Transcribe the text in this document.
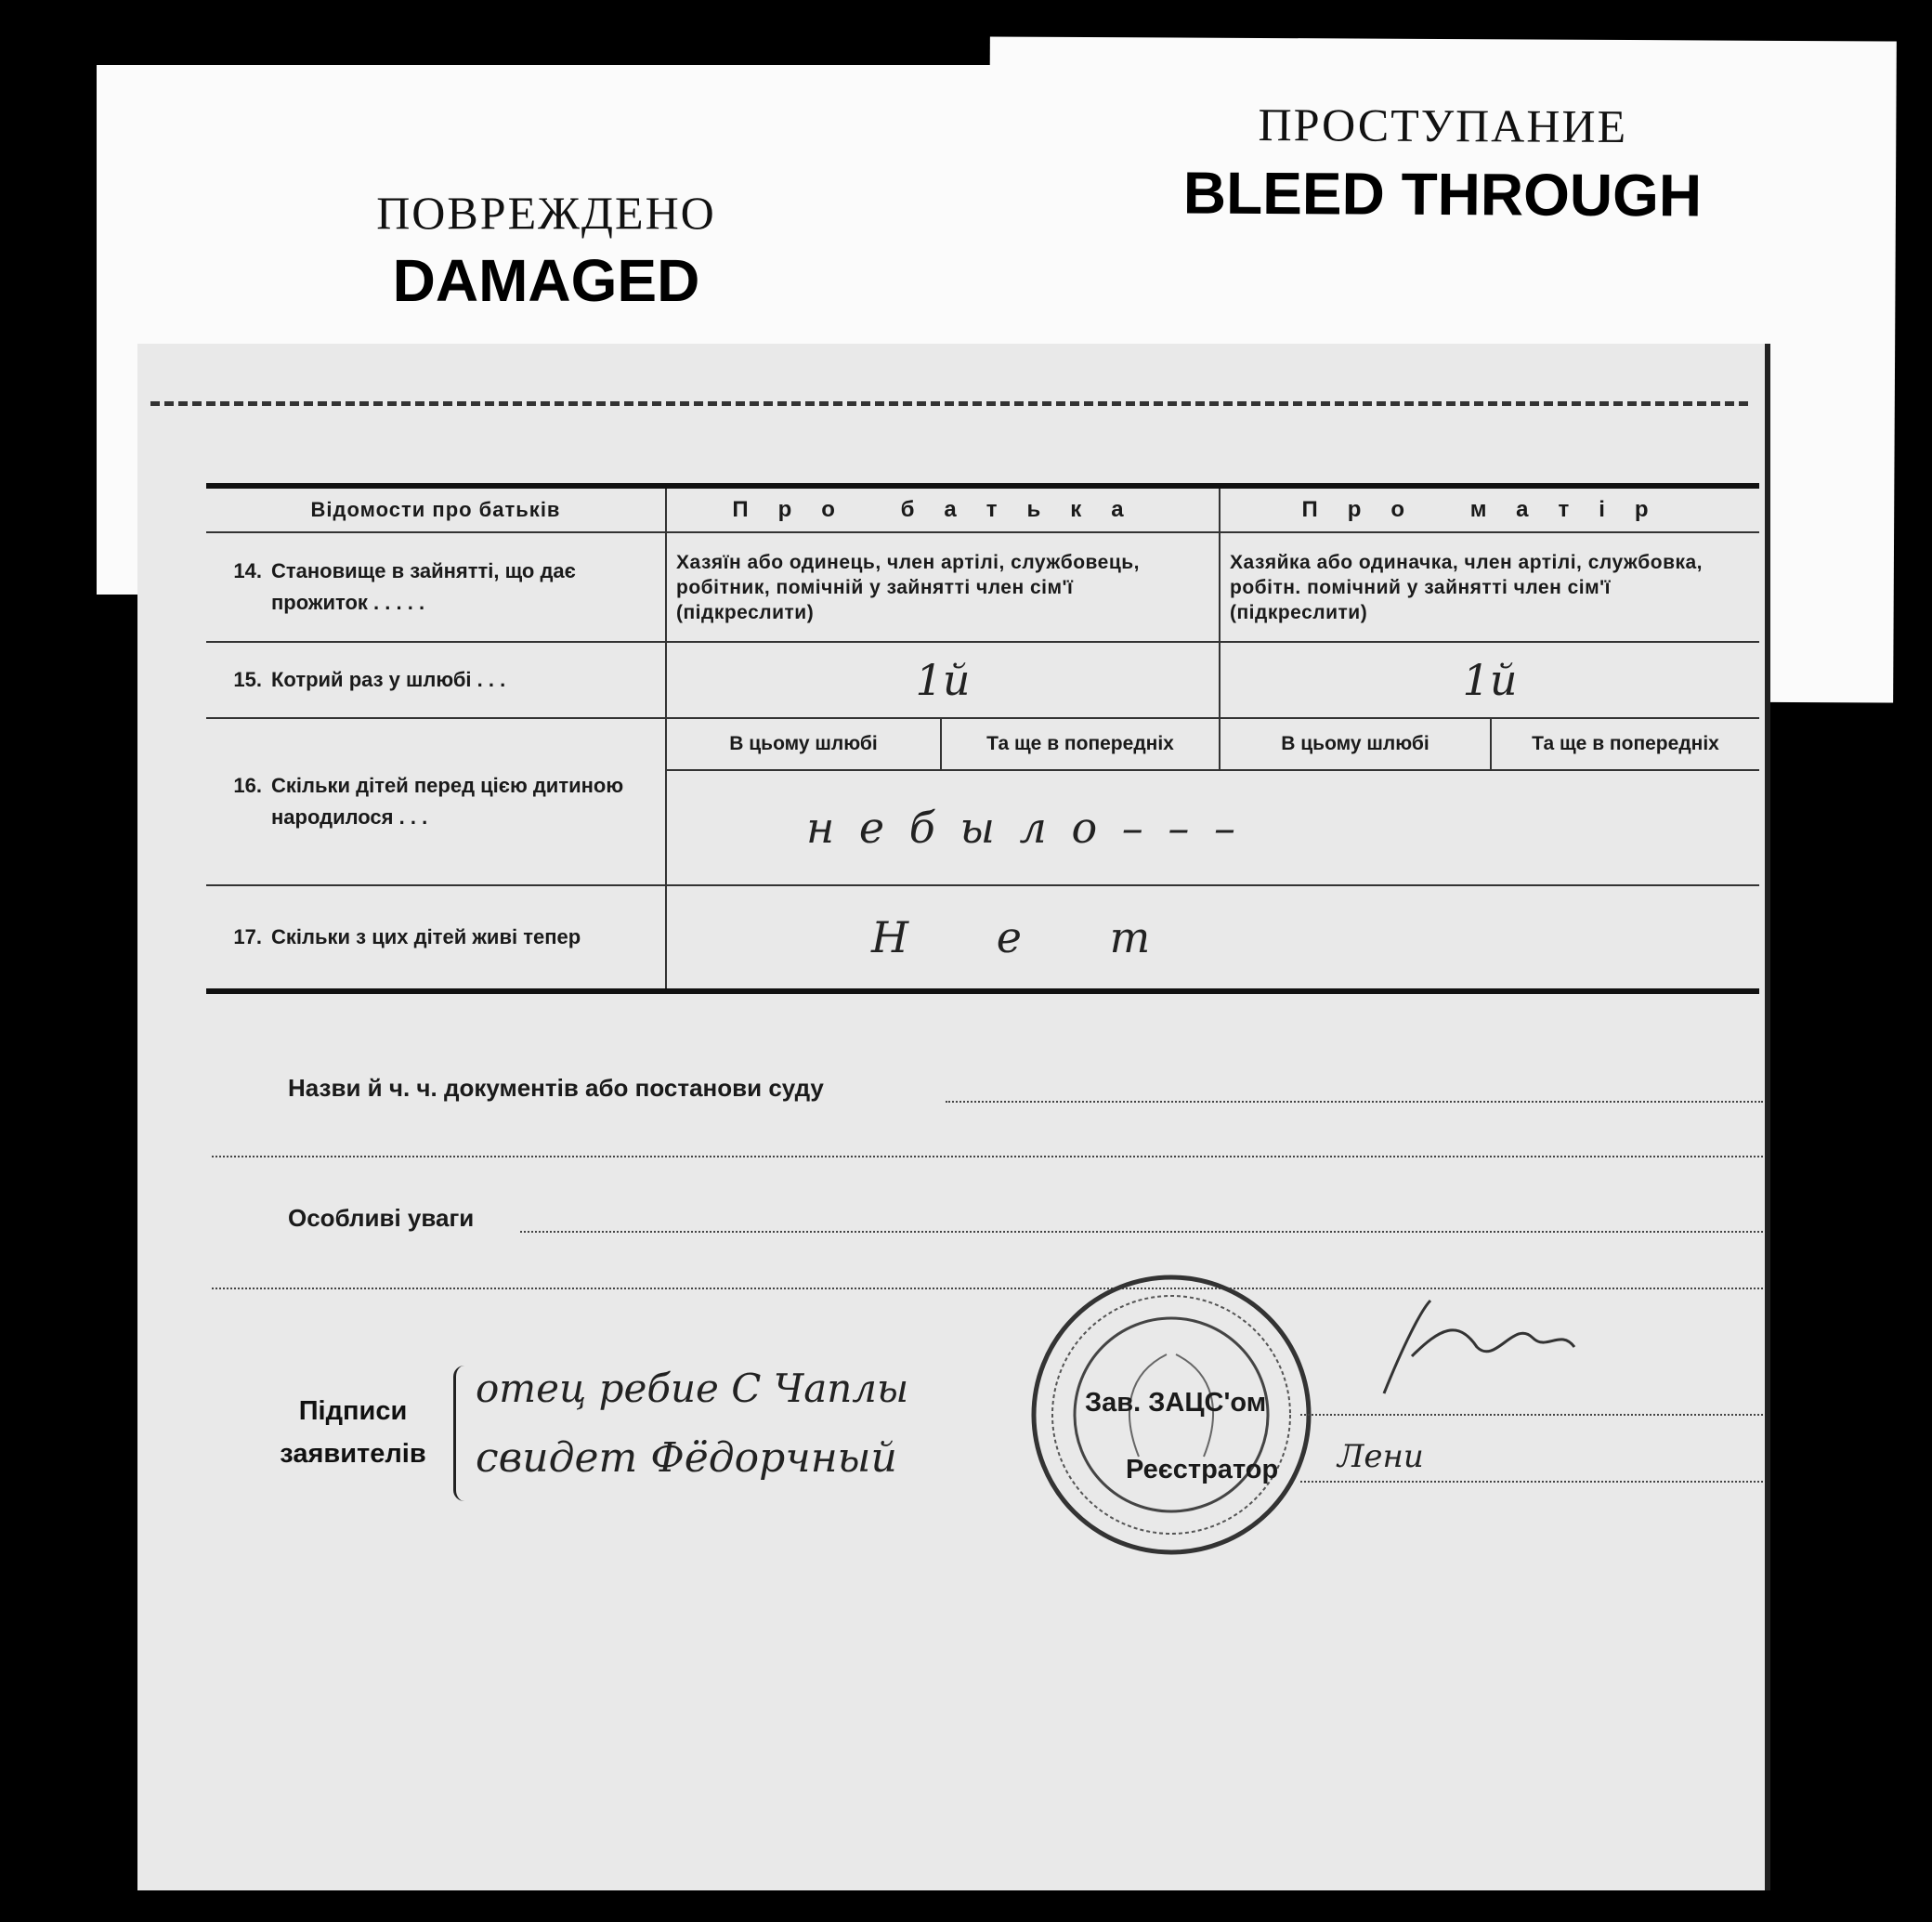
ПОВРЕЖДЕНО
DAMAGED
ПРОСТУПАНИЕ
BLEED THROUGH
Відомости про батьків	Про батька		Про матір	

14. Становище в зайнятті, що дає прожиток . . . . .	Хазяїн або одинець, член артілі, службовець, робітник, помічній у зайнятті член сім'ї (підкреслити)		Хазяйка або одиначка, член артілі, службовка, робітн. помічний у зайнятті член сім'ї (підкреслити)	

15. Котрий раз у шлюбі . . .	1й		1й	

16. Скільки дітей перед цією дитиною народилося . . .	В цьому шлюбі	Та ще в попередніх	В цьому шлюбі	Та ще в попередніх
	н е б ы л о – – –			

17. Скільки з цих дітей живі тепер	Н е т			
Назви й ч. ч. документів або постанови суду
Особливі уваги
Підписи
заявителів
отец ребие С Чаплы
свидет Фёдорчный
Зав. ЗАЦС'ом
Реєстратор Лени
